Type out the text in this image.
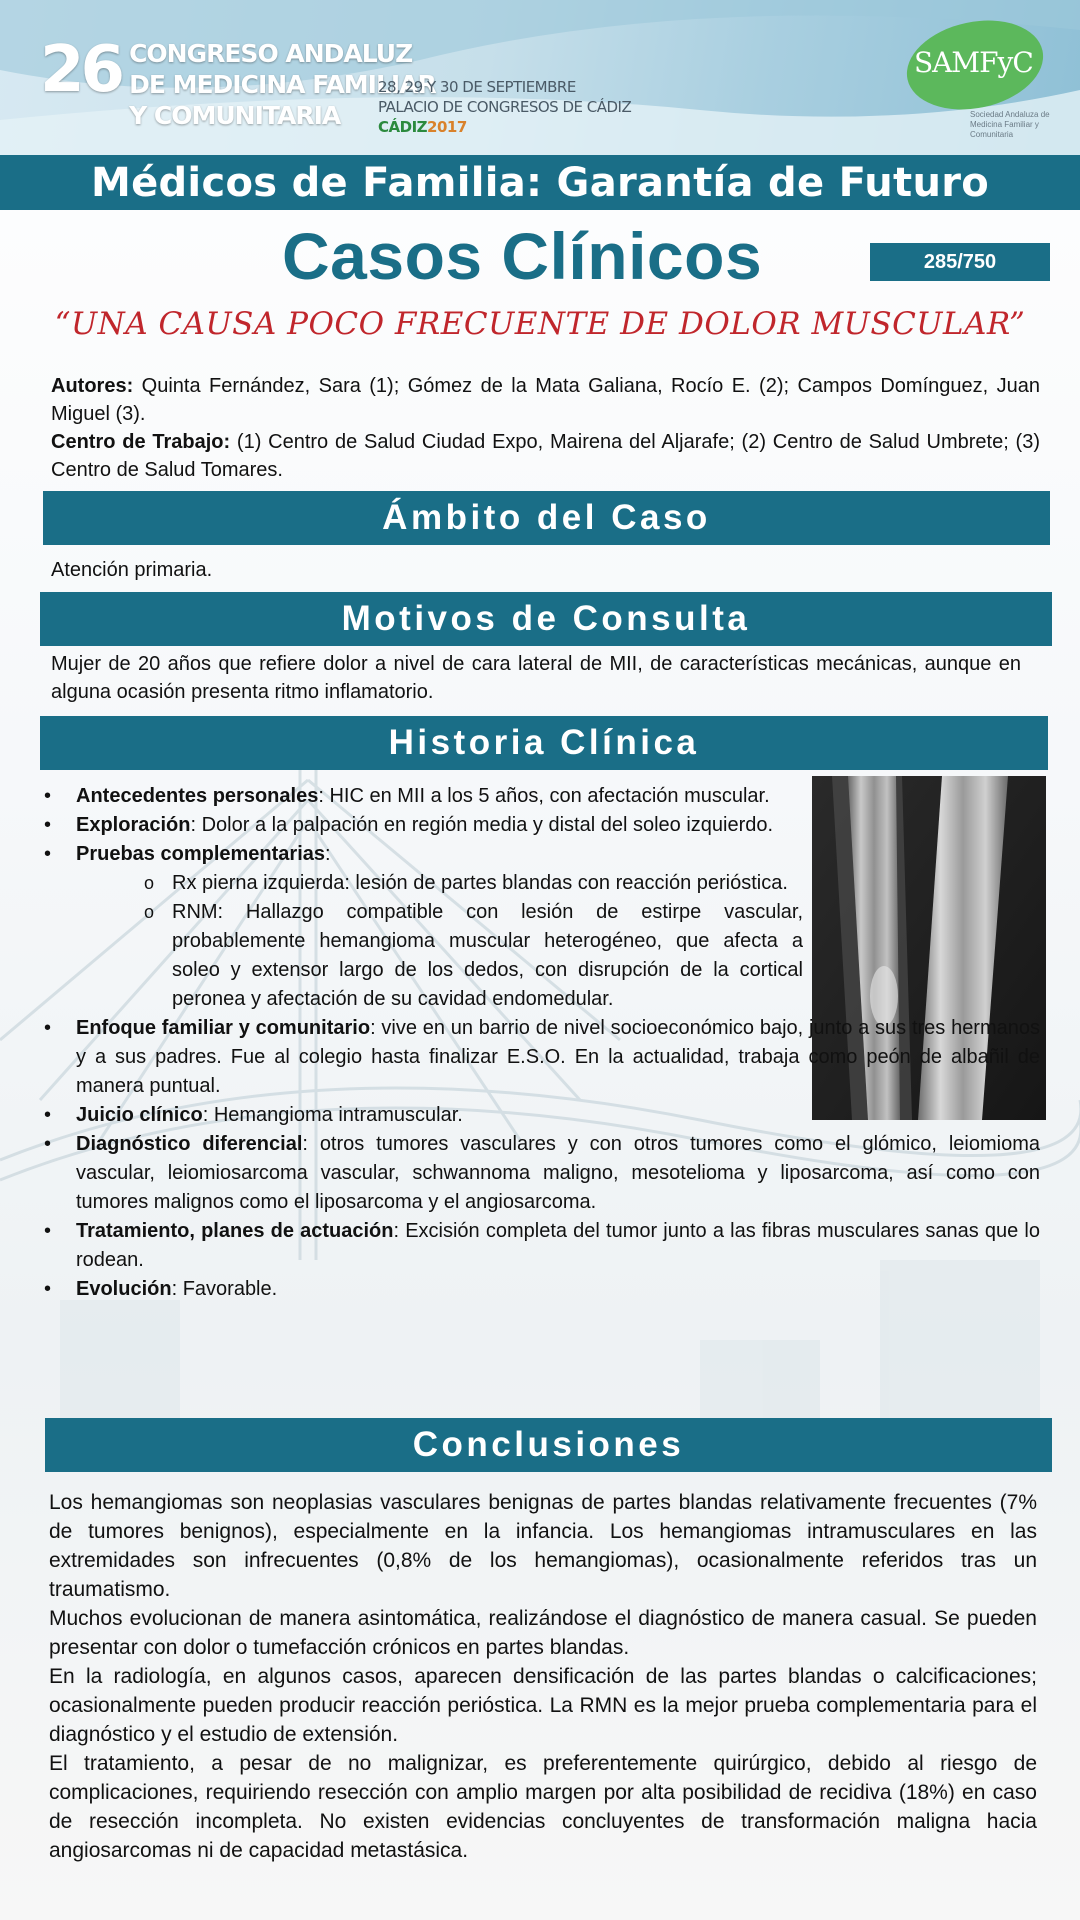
26 CONGRESO ANDALUZ
DE MEDICINA FAMILIAR
Y COMUNITARIA
28, 29 Y 30 DE SEPTIEMBRE
PALACIO DE CONGRESOS DE CÁDIZ
CÁDIZ2017
SAMFyC
Sociedad Andaluza de Medicina Familiar y Comunitaria
Médicos de Familia: Garantía de Futuro
Casos Clínicos	285/750
“UNA CAUSA POCO FRECUENTE DE DOLOR MUSCULAR”
Autores: Quinta Fernández, Sara (1); Gómez de la Mata Galiana, Rocío E. (2); Campos Domínguez, Juan Miguel (3).
Centro de Trabajo: (1) Centro de Salud Ciudad Expo, Mairena del Aljarafe; (2) Centro de Salud Umbrete; (3) Centro de Salud Tomares.
Ámbito del Caso
Atención primaria.
Motivos de Consulta
Mujer de 20 años que refiere dolor a nivel de cara lateral de MII, de características mecánicas, aunque en alguna ocasión presenta ritmo inflamatorio.
Historia Clínica
• Antecedentes personales: HIC en MII a los 5 años, con afectación muscular.
• Exploración: Dolor a la palpación en región media y distal del soleo izquierdo.
• Pruebas complementarias:
o Rx pierna izquierda: lesión de partes blandas con reacción perióstica.
o RNM: Hallazgo compatible con lesión de estirpe vascular, probablemente hemangioma muscular heterogéneo, que afecta a soleo y extensor largo de los dedos, con disrupción de la cortical peronea y afectación de su cavidad endomedular.
• Enfoque familiar y comunitario: vive en un barrio de nivel socioeconómico bajo, junto a sus tres hermanos y a sus padres. Fue al colegio hasta finalizar E.S.O. En la actualidad, trabaja como peón de albañil de manera puntual.
• Juicio clínico: Hemangioma intramuscular.
• Diagnóstico diferencial: otros tumores vasculares y con otros tumores como el glómico, leiomioma vascular, leiomiosarcoma vascular, schwannoma maligno, mesotelioma y liposarcoma, así como con tumores malignos como el liposarcoma y el angiosarcoma.
• Tratamiento, planes de actuación: Excisión completa del tumor junto a las fibras musculares sanas que lo rodean.
• Evolución: Favorable.
Conclusiones

Los hemangiomas son neoplasias vasculares benignas de partes blandas relativamente frecuentes (7% de tumores benignos), especialmente en la infancia. Los hemangiomas intramusculares en las extremidades son infrecuentes (0,8% de los hemangiomas), ocasionalmente referidos tras un traumatismo.

Muchos evolucionan de manera asintomática, realizándose el diagnóstico de manera casual. Se pueden presentar con dolor o tumefacción crónicos en partes blandas.

En la radiología, en algunos casos, aparecen densificación de las partes blandas o calcificaciones; ocasionalmente pueden producir reacción perióstica. La RMN es la mejor prueba complementaria para el diagnóstico y el estudio de extensión.

El tratamiento, a pesar de no malignizar, es preferentemente quirúrgico, debido al riesgo de complicaciones, requiriendo resección con amplio margen por alta posibilidad de recidiva (18%) en caso de resección incompleta. No existen evidencias concluyentes de transformación maligna hacia angiosarcomas ni de capacidad metastásica.
